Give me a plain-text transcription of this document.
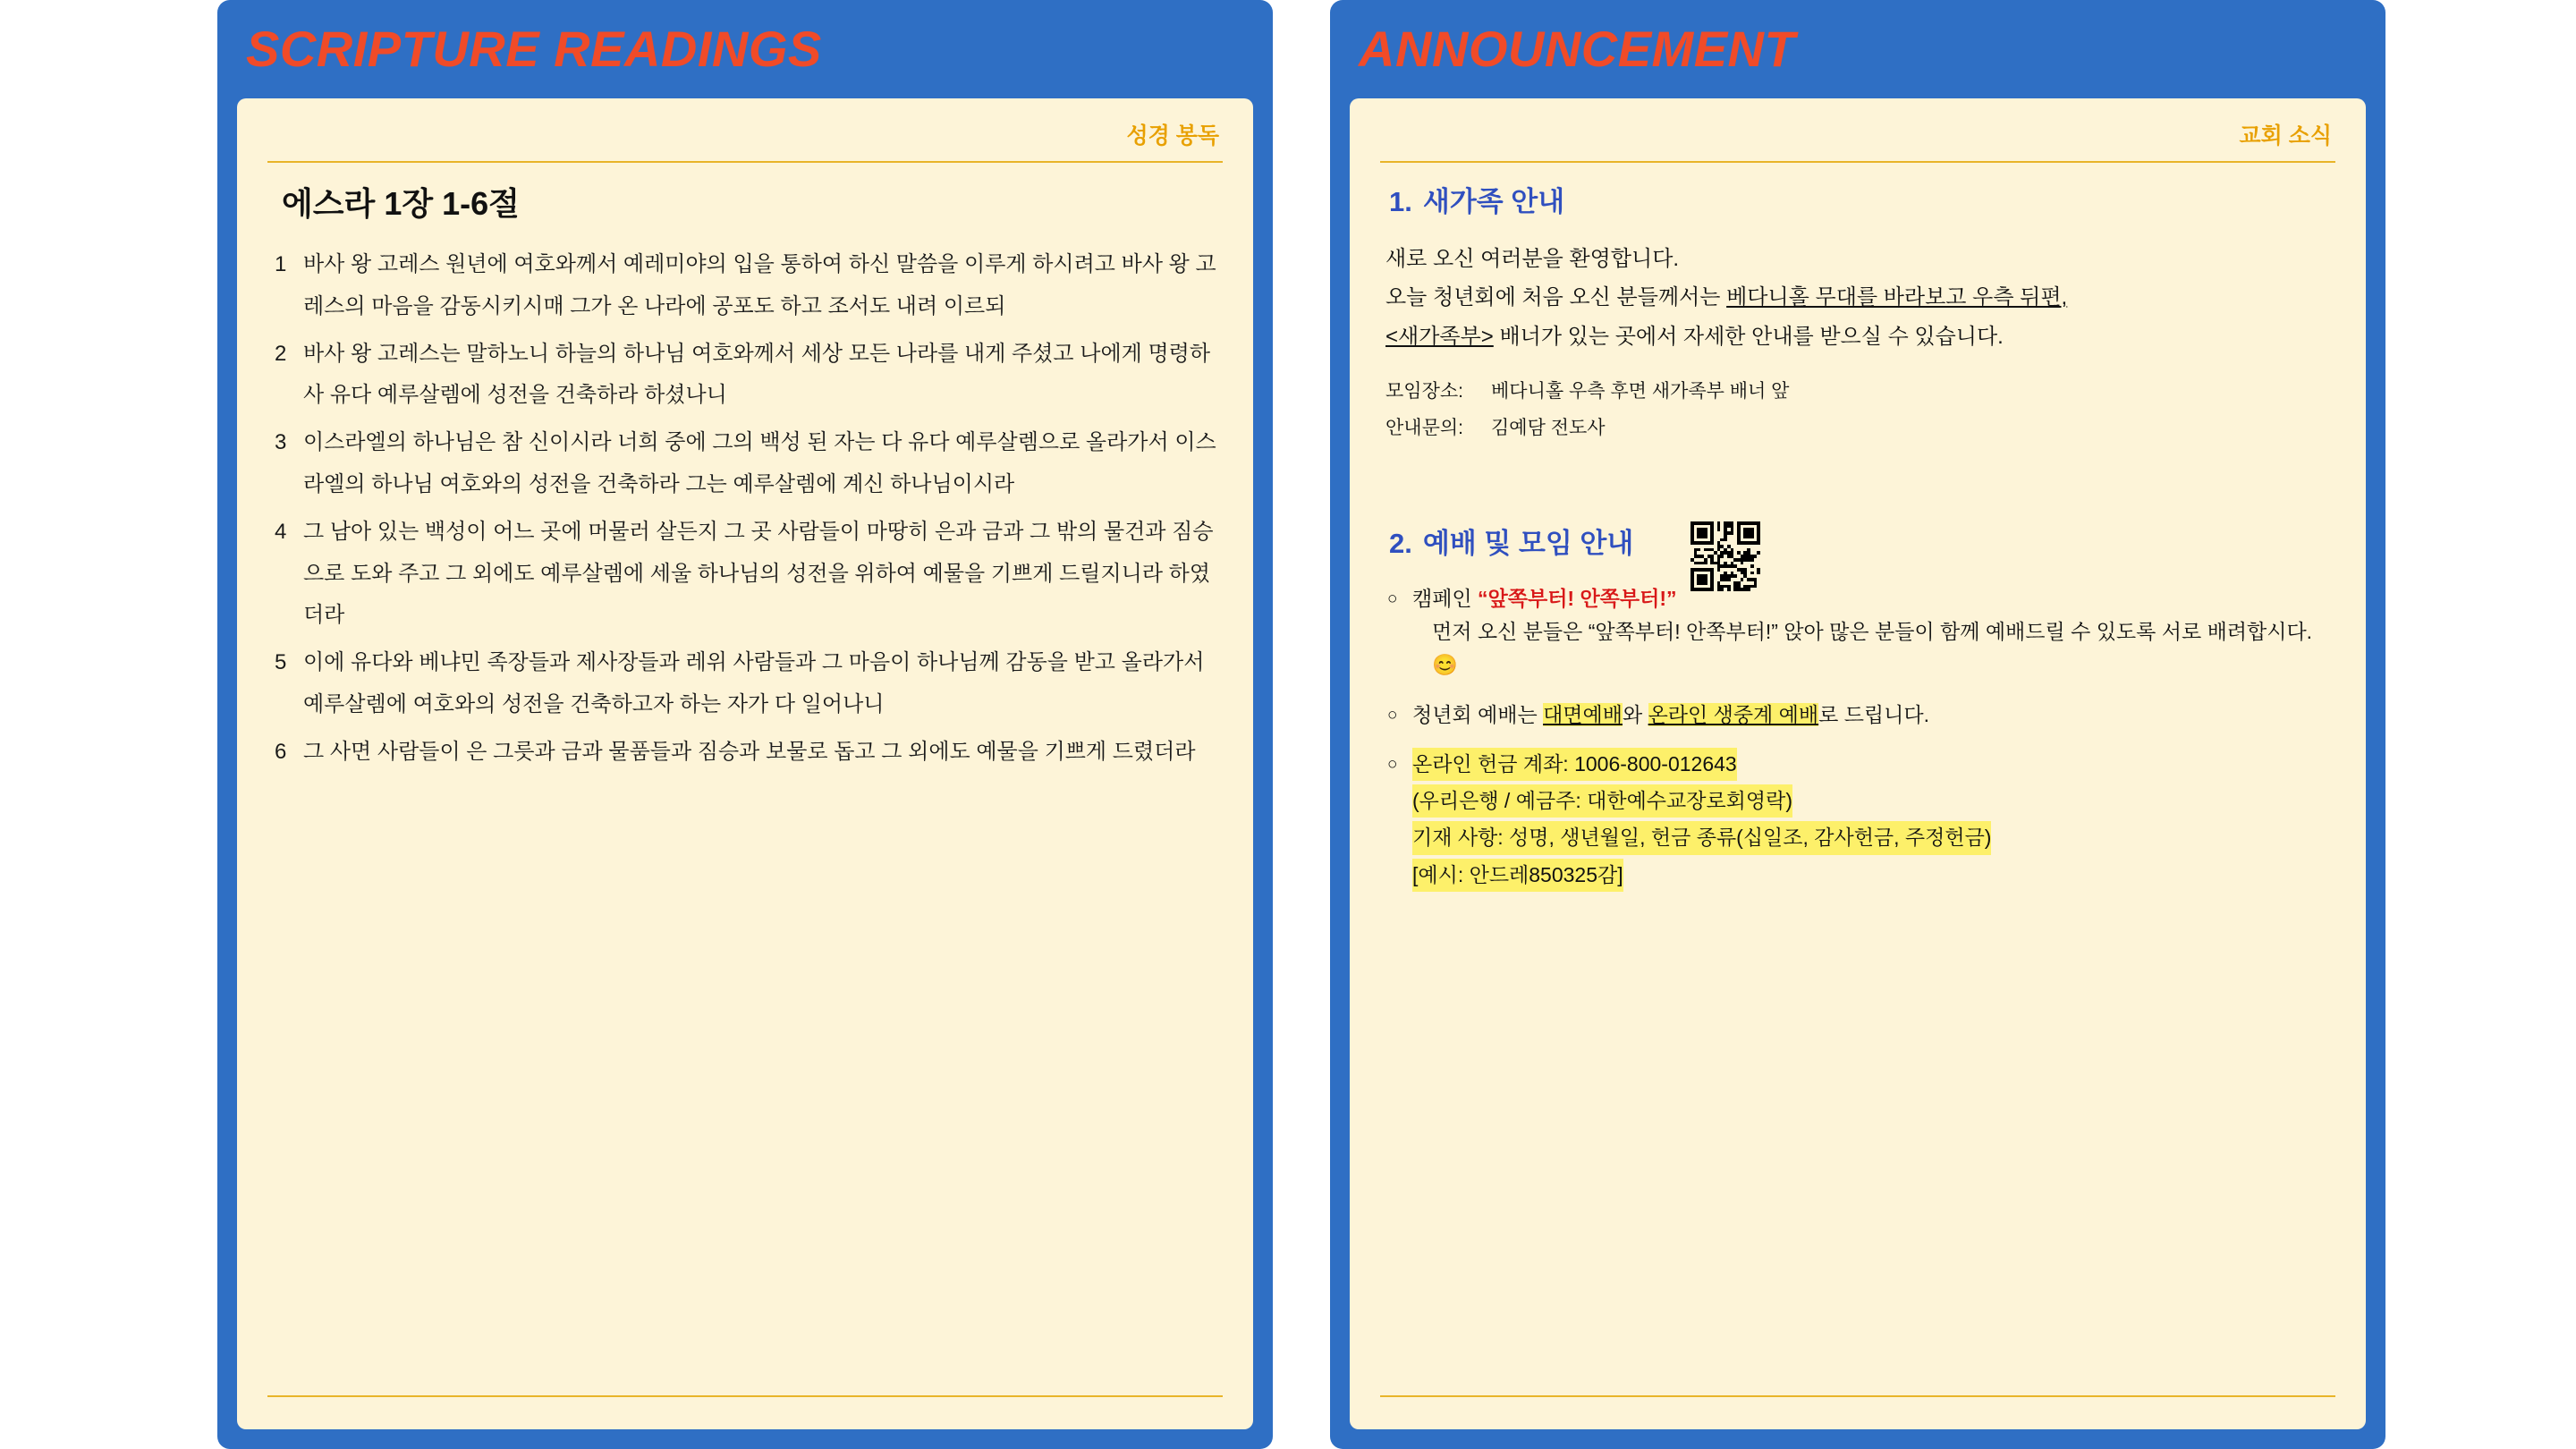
SCRIPTURE READINGS
성경 봉독
에스라 1장 1-6절
1 바사 왕 고레스 원년에 여호와께서 예레미야의 입을 통하여 하신 말씀을 이루게 하시려고 바사 왕 고레스의 마음을 감동시키시매 그가 온 나라에 공포도 하고 조서도 내려 이르되
2 바사 왕 고레스는 말하노니 하늘의 하나님 여호와께서 세상 모든 나라를 내게 주셨고 나에게 명령하사 유다 예루살렘에 성전을 건축하라 하셨나니
3 이스라엘의 하나님은 참 신이시라 너희 중에 그의 백성 된 자는 다 유다 예루살렘으로 올라가서 이스라엘의 하나님 여호와의 성전을 건축하라 그는 예루살렘에 계신 하나님이시라
4 그 남아 있는 백성이 어느 곳에 머물러 살든지 그 곳 사람들이 마땅히 은과 금과 그 밖의 물건과 짐승으로 도와 주고 그 외에도 예루살렘에 세울 하나님의 성전을 위하여 예물을 기쁘게 드릴지니라 하였더라
5 이에 유다와 베냐민 족장들과 제사장들과 레위 사람들과 그 마음이 하나님께 감동을 받고 올라가서 예루살렘에 여호와의 성전을 건축하고자 하는 자가 다 일어나니
6 그 사면 사람들이 은 그릇과 금과 물품들과 짐승과 보물로 돕고 그 외에도 예물을 기쁘게 드렸더라
ANNOUNCEMENT
교회 소식
1. 새가족 안내
새로 오신 여러분을 환영합니다.
오늘 청년회에 처음 오신 분들께서는 베다니홀 무대를 바라보고 우측 뒤편,
<새가족부> 배너가 있는 곳에서 자세한 안내를 받으실 수 있습니다.
모임장소:	베다니홀 우측 후면 새가족부 배너 앞
안내문의:	김예담 전도사
2. 예배 및 모임 안내
○ 캠페인 “앞쪽부터! 안쪽부터!”
먼저 오신 분들은 “앞쪽부터! 안쪽부터!” 앉아 많은 분들이 함께 예배드릴 수 있도록 서로 배려합시다.😊
○ 청년회 예배는 대면예배와 온라인 생중계 예배로 드립니다.
○ 온라인 헌금 계좌: 1006-800-012643
(우리은행 / 예금주: 대한예수교장로회영락)
기재 사항: 성명, 생년월일, 헌금 종류(십일조, 감사헌금, 주정헌금)
[예시: 안드레850325감]
